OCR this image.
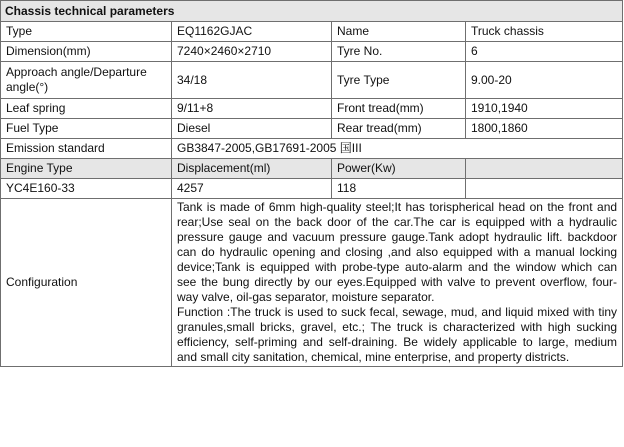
Chassis technical parameters			
Type	EQ1162GJAC	Name	Truck chassis
Dimension(mm)	7240×2460×2710	Tyre No.	6
Approach angle/Departure angle(°)	34/18	Tyre Type	9.00-20
Leaf spring	9/11+8	Front tread(mm)	1910,1940
Fuel Type	Diesel	Rear tread(mm)	1800,1860
Emission standard	GB3847-2005,GB17691-2005 国III		
Engine Type	Displacement(ml)	Power(Kw)	
YC4E160-33	4257	118	
Configuration	Tank is made of 6mm high-quality steel;It has torispherical head on the front and rear;Use seal on the back door of the car.The car is equipped with a hydraulic pressure gauge and vacuum pressure gauge.Tank adopt hydraulic lift. backdoor can do hydraulic opening and closing ,and also equipped with a manual locking device;Tank is equipped with probe-type auto-alarm and the window which can see the bung directly by our eyes.Equipped with valve to prevent overflow, four-way valve, oil-gas separator, moisture separator.

Function :The truck is used to suck fecal, sewage, mud, and liquid mixed with tiny granules,small bricks, gravel, etc.; The truck is characterized with high sucking efficiency, self-priming and self-draining. Be widely applicable to large, medium and small city sanitation, chemical, mine enterprise, and property districts.		
